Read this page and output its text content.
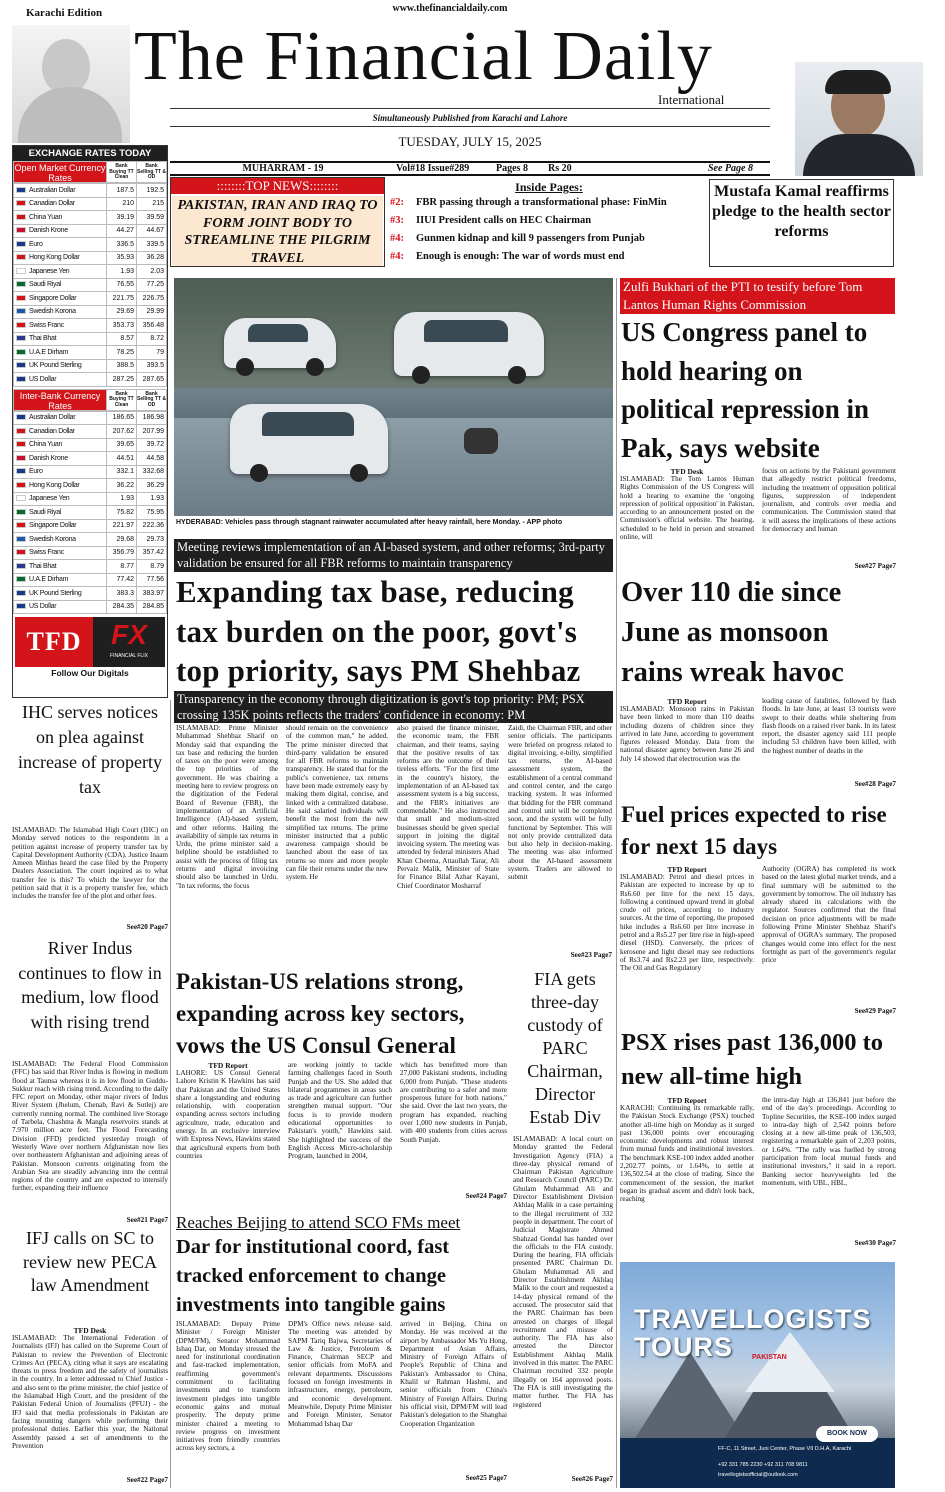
Karachi Edition	www.thefinancialdaily.com
The Financial Daily
International
Simultaneously Published from Karachi and Lahore
TUESDAY, JULY 15, 2025
MUHARRAM - 19	Vol#18 Issue#289	Pages 8	Rs 20	See Page 8
EXCHANGE RATES TODAY
Open Market Currency Rates
Bank Buying TT Clean
Bank Selling TT & OD
Australian Dollar	187.5	192.5
Canadian Dollar	210	215
China Yuan	39.19	39.59
Danish Krone	44.27	44.67
Euro	336.5	339.5
Hong Kong Dollar	35.93	36.28
Japanese Yen	1.93	2.03
Saudi Riyal	76.55	77.25
Singapore Dollar	221.75	226.75
Swedish Korona	29.69	29.99
Swiss Franc	353.73	356.48
Thai Bhat	8.57	8.72
U.A.E Dirham	78.25	79
UK Pound Sterling	388.5	393.5
US Dollar	287.25	287.65
Inter-Bank Currency Rates
Bank Buying TT Clean
Bank Selling TT & OD
Australian Dollar	186.65	186.98
Canadian Dollar	207.62	207.99
China Yuan	39.65	39.72
Danish Krone	44.51	44.58
Euro	332.1	332.68
Hong Kong Dollar	36.22	36.29
Japanese Yen	1.93	1.93
Saudi Riyal	75.82	75.95
Singapore Dollar	221.97	222.36
Swedish Korona	29.68	29.73
Swiss Franc	356.79	357.42
Thai Bhat	8.77	8.79
U.A.E Dirham	77.42	77.56
UK Pound Sterling	383.3	383.97
US Dollar	284.35	284.85
TFD	FX
FINANCIAL FLIX
Follow Our Digitals
::::::::TOP NEWS::::::::
PAKISTAN, IRAN AND IRAQ TO FORM JOINT BODY TO STREAMLINE THE PILGRIM TRAVEL
Inside Pages:
#2: FBR passing through a transformational phase: FinMin
#3: IIUI President calls on HEC Chairman
#4: Gunmen kidnap and kill 9 passengers from Punjab
#4: Enough is enough: The war of words must end
Mustafa Kamal reaffirms pledge to the health sector reforms
HYDERABAD: Vehicles pass through stagnant rainwater accumulated after heavy rainfall, here Monday. - APP photo
Meeting reviews implementation of an AI-based system, and other reforms; 3rd-party validation be ensured for all FBR reforms to maintain transparency
Expanding tax base, reducing tax burden on the poor, govt's top priority, says PM Shehbaz
Transparency in the economy through digitization is govt's top priority: PM; PSX crossing 135K points reflects the traders' confidence in economy: PM
ISLAMABAD: Prime Minister Muhammad Shehbaz Sharif on Monday said that expanding the tax base and reducing the burden of taxes on the poor were among the top priorities of the government. He was chairing a meeting here to review progress on the digitization of the Federal Board of Revenue (FBR), the implementation of an Artificial Intelligence (AI)-based system, and other reforms. Hailing the availability of simple tax returns in Urdu, the prime minister said a helpline should be established to assist with the process of filing tax returns and digital invoicing should also be launched in Urdu. "In tax reforms, the focus
should remain on the convenience of the common man," he added. The prime minister directed that third-party validation be ensured for all FBR reforms to maintain transparency. He stated that for the public's convenience, tax returns have been made extremely easy by making them digital, concise, and linked with a centralized database. He said salaried individuals will benefit the most from the new simplified tax returns. The prime minister instructed that a public awareness campaign should be launched about the ease of tax returns so more and more people can file their returns under the new system. He
also praised the finance minister, the economic team, the FBR chairman, and their teams, saying that the positive results of tax reforms are the outcome of their tireless efforts. "For the first time in the country's history, the implementation of an AI-based tax assessment system is a big success, and the FBR's initiatives are commendable." He also instructed that small and medium-sized businesses should be given special support in joining the digital invoicing system. The meeting was attended by federal ministers Ahad Khan Cheema, Attaullah Tarar, Ali Pervaiz Malik, Minister of State for Finance Bilal Azhar Kayani, Chief Coordinator Mosharraf
Zaidi, the Chairman FBR, and other senior officials. The participants were briefed on progress related to digital invoicing, e-bilty, simplified tax returns, the AI-based assessment system, the establishment of a central command and control center, and the cargo tracking system. It was informed that bidding for the FBR command and control unit will be completed soon, and the system will be fully functional by September. This will not only provide centralized data but also help in decision-making. The meeting was also informed about the AI-based assessment system. Traders are allowed to submit
See#23 Page7
IHC serves notices on plea against increase of property tax
ISLAMABAD: The Islamabad High Court (IHC) on Monday served notices to the respondents in a petition against increase of property transfer tax by Capital Development Authority (CDA). Justice Inaam Ameen Minhas heard the case filed by the Property Dealers Association. The court inquired as to what transfer fee is this? To which the lawyer for the petition said that it is a property transfer fee, which includes the transfer fee of the plot and other fees.
See#20 Page7
River Indus continues to flow in medium, low flood with rising trend
ISLAMABAD: The Federal Flood Commission (FFC) has said that River Indus is flowing in medium flood at Taunsa whereas it is in low flood in Guddu-Sukkur reach with rising trend. According to the daily FFC report on Monday, other major rivers of Indus River System (Jhelum, Chenab, Ravi & Sutlej) are currently running normal. The combined live Storage of Tarbela, Chashma & Mangla reservoirs stands at 7.970 million acre feet. The Flood Forecasting Division (FFD) predicted yesterday trough of Westerly Wave over northern Afghanistan now lies over northeastern Afghanistan and adjoining areas of Pakistan. Monsoon currents originating from the Arabian Sea are steadily advancing into the central regions of the country and are expected to intensify further, expanding their influence
See#21 Page7
IFJ calls on SC to review new PECA law Amendment
TFD Desk
ISLAMABAD: The International Federation of Journalists (IFJ) has called on the Supreme Court of Pakistan to review the Prevention of Electronic Crimes Act (PECA), citing what it says are escalating threats to press freedom and the safety of journalists in the country. In a letter addressed to Chief Justice - and also sent to the prime minister, the chief justice of the Islamabad High Court, and the president of the Pakistan Federal Union of Journalists (PFUJ) - the IFJ said that media professionals in Pakistan are facing mounting dangers while performing their professional duties. Earlier this year, the National Assembly passed a set of amendments to the Prevention
See#22 Page7
Zulfi Bukhari of the PTI to testify before Tom Lantos Human Rights Commission
US Congress panel to hold hearing on political repression in Pak, says website
TFD Desk
ISLAMABAD: The Tom Lantos Human Rights Commission of the US Congress will hold a hearing to examine the 'ongoing repression of political opposition' in Pakistan, according to an announcement posted on the Commission's official website. The hearing, scheduled to be held in person and streamed online, will
focus on actions by the Pakistani government that allegedly restrict political freedoms, including the treatment of opposition political figures, suppression of independent journalism, and controls over media and communication. The Commission stated that it will assess the implications of these actions for democracy and human
See#27 Page7
Over 110 die since June as monsoon rains wreak havoc
TFD Report
ISLAMABAD: Monsoon rains in Pakistan have been linked to more than 110 deaths including dozens of children since they arrived in late June, according to government figures released Monday. Data from the national disaster agency between June 26 and July 14 showed that electrocution was the
leading cause of fatalities, followed by flash floods. In late June, at least 13 tourists were swept to their deaths while sheltering from flash floods on a raised river bank. In its latest report, the disaster agency said 111 people including 53 children have been killed, with the highest number of deaths in the
See#28 Page7
Fuel prices expected to rise for next 15 days
TFD Report
ISLAMABAD: Petrol and diesel prices in Pakistan are expected to increase by up to Rs6.60 per litre for the next 15 days, following a continued upward trend in global crude oil prices, according to industry sources. At the time of reporting, the proposed hike includes a Rs6.60 per litre increase in petrol and a Rs5.27 per litre rise in high-speed diesel (HSD). Conversely, the prices of kerosene and light diesel may see reductions of Rs3.74 and Rs2.23 per litre, respectively. The Oil and Gas Regulatory
Authority (OGRA) has completed its work based on the latest global market trends, and a final summary will be submitted to the government by tomorrow. The oil industry has already shared its calculations with the regulator. Sources confirmed that the final decision on price adjustments will be made following Prime Minister Shehbaz Sharif's approval of OGRA's summary. The proposed changes would come into effect for the next fortnight as part of the government's regular price
See#29 Page7
PSX rises past 136,000 to new all-time high
TFD Report
KARACHI: Continuing its remarkable rally, the Pakistan Stock Exchange (PSX) touched another all-time high on Monday as it surged past 136,000 points over encouraging economic developments and robust interest from mutual funds and institutional investors. The benchmark KSE-100 index added another 2,202.77 points, or 1.64%, to settle at 136,502.54 at the close of trading. Since the commencement of the session, the market began its gradual ascent and didn't look back, reaching
the intra-day high at 136,841 just before the end of the day's proceedings. According to Topline Securities, the KSE-100 index surged to intra-day high of 2,542 points before closing at a new all-time peak of 136,503, registering a remarkable gain of 2,203 points, or 1.64%. "The rally was fuelled by strong participation from local mutual funds and institutional investors," it said in a report. Banking sector heavyweights led the momentum, with UBL, HBL,
See#30 Page7
TRAVELLOGISTS
TOURS	PAKISTAN
BOOK NOW
FF-C, 11 Street, Juni Center, Phase VII D.H.A, Karachi
+92 331 785 2230 +92 311 708 9811
travellogistsofficial@outlook.com
Pakistan-US relations strong, expanding across key sectors, vows the US Consul General
TFD Report
LAHORE: US Consul General Lahore Kristin K Hawkins has said that Pakistan and the United States share a longstanding and enduring relationship, with cooperation expanding across sectors including agriculture, trade, education and energy. In an exclusive interview with Express News, Hawkins stated that agricultural experts from both countries
are working jointly to tackle farming challenges faced in South Punjab and the US. She added that bilateral programmes in areas such as trade and agriculture can further strengthen mutual support. "Our focus is to provide modern educational opportunities to Pakistan's youth," Hawkins said. She highlighted the success of the English Access Micro-scholarship Program, launched in 2004,
which has benefitted more than 27,000 Pakistani students, including 6,000 from Punjab. "These students are contributing to a safer and more prosperous future for both nations," she said. Over the last two years, the program has expanded, reaching over 1,000 new students in Punjab, with 400 students from cities across South Punjab.
See#24 Page7
FIA gets three-day custody of PARC Chairman, Director Estab Div
ISLAMABAD: A local court on Monday granted the Federal Investigation Agency (FIA) a three-day physical remand of Chairman Pakistan Agriculture and Research Council (PARC) Dr. Ghulam Muhammad Ali and Director Establishment Division Akhlaq Malik in a case pertaining to the illegal recruitment of 332 people in department. The court of Judicial Magistrate Ahmed Shahzad Gondal has handed over the officials to the FIA custody. During the hearing, FIA officials presented PARC Chairman Dr. Ghulam Muhammad Ali and Director Establishment Akhlaq Malik to the court and requested a 14-day physical remand of the accused. The prosecutor said that the PARC Chairman has been arrested on charges of illegal recruitment and misuse of authority. The FIA has also arrested the Director Establishment Akhlaq Malik involved in this matter. The PARC Chairman recruited 332 people illegally on 164 approved posts. The FIA is still investigating the matter further. The FIA has registered
See#26 Page7
Reaches Beijing to attend SCO FMs meet
Dar for institutional coord, fast tracked enforcement to change investments into tangible gains
ISLAMABAD: Deputy Prime Minister / Foreign Minister (DPM/FM), Senator Mohammad Ishaq Dar, on Monday stressed the need for institutional coordination and fast-tracked implementation, reaffirming government's commitment to facilitating investments and to transform investment pledges into tangible economic gains and mutual prosperity. The deputy prime minister chaired a meeting to review progress on investment initiatives from friendly countries across key sectors, a
DPM's Office news release said. The meeting was attended by SAPM Tariq Bajwa, Secretaries of Law & Justice, Petroleum & Finance, Chairman SECP and senior officials from MoFA and relevant departments. Discussions focused on foreign investments in infrastructure, energy, petroleum, and economic development. Meanwhile, Deputy Prime Minister and Foreign Minister, Senator Mohammad Ishaq Dar
arrived in Beijing, China on Monday. He was received at the airport by Ambassador Ms Yu Hong, Department of Asian Affairs, Ministry of Foreign Affairs of People's Republic of China and Pakistan's Ambassador to China, Khalil ur Rahman Hashmi, and senior officials from China's Ministry of Foreign Affairs. During his official visit, DPM/FM will lead Pakistan's delegation to the Shanghai Cooperation Organization
See#25 Page7
